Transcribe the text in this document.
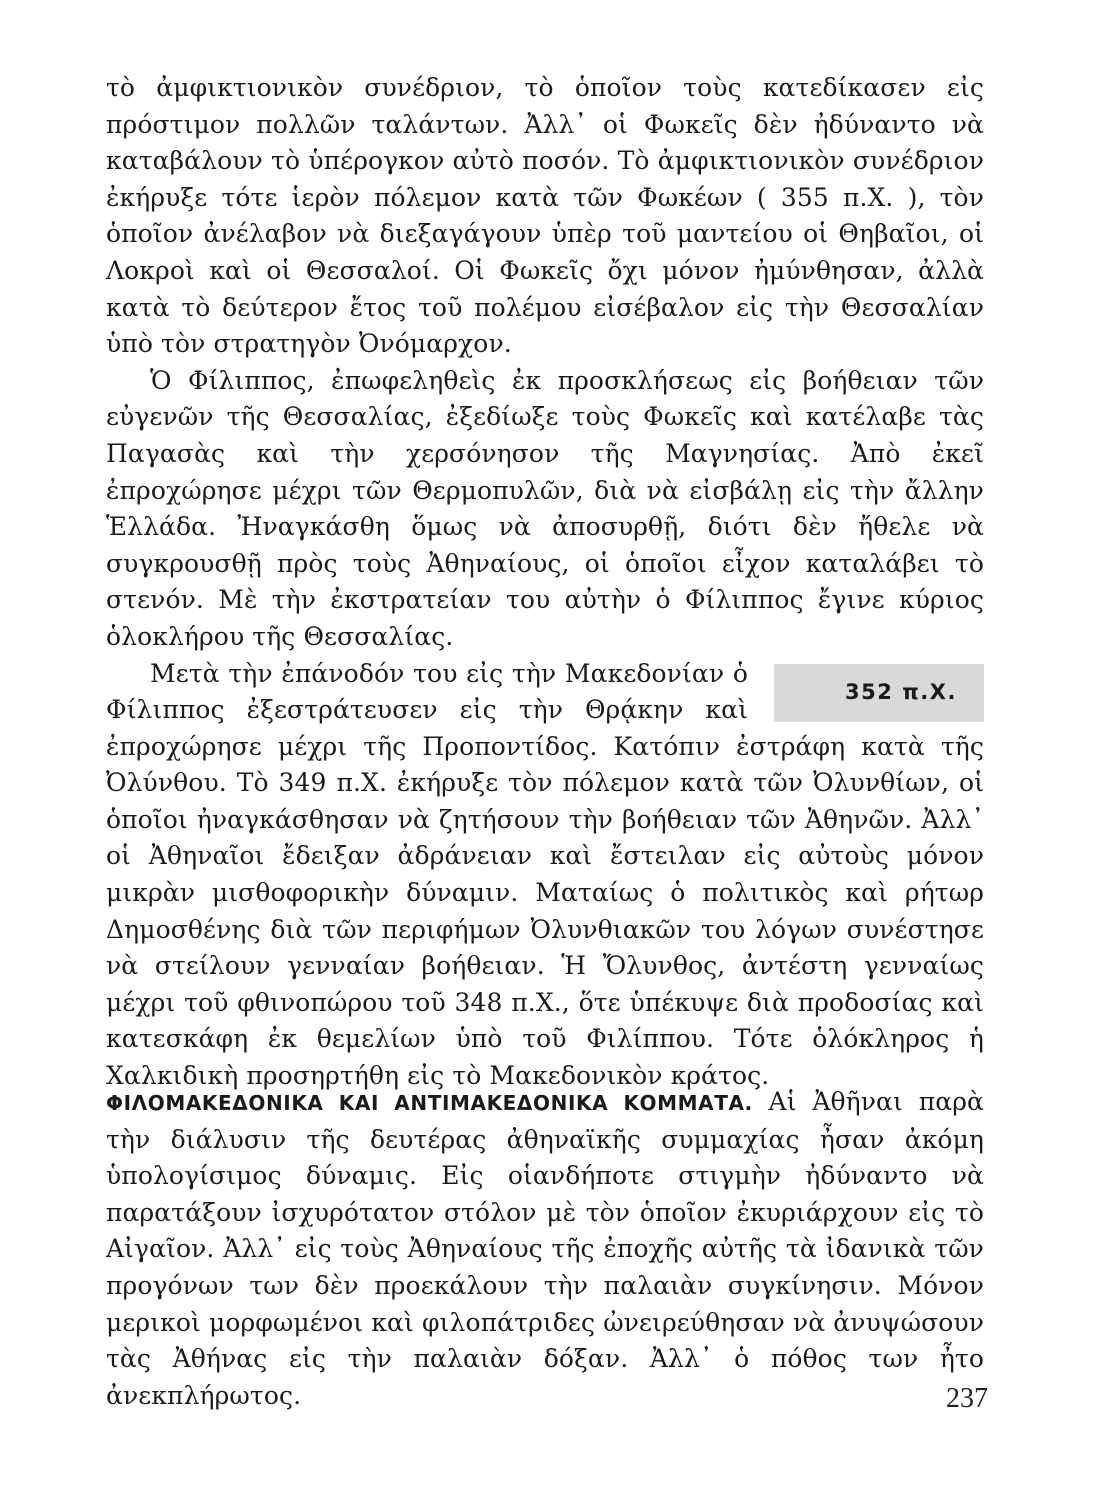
τὸ ἀμφικτιονικὸν συνέδριον, τὸ ὁποῖον τοὺς κατεδίκασεν εἰς πρόστιμον πολλῶν ταλάντων. Ἀλλ᾽ οἱ Φωκεῖς δὲν ἠδύναντο νὰ καταβάλουν τὸ ὑπέρογκον αὐτὸ ποσόν. Τὸ ἀμφικτιονικὸν συνέδριον ἐκήρυξε τότε ἱερὸν πόλεμον κατὰ τῶν Φωκέων ( 355 π.Χ. ), τὸν ὁποῖον ἀνέλαβον νὰ διεξαγάγουν ὑπὲρ τοῦ μαντείου οἱ Θηβαῖοι, οἱ Λοκροὶ καὶ οἱ Θεσσαλοί. Οἱ Φωκεῖς ὄχι μόνον ἠμύνθησαν, ἀλλὰ κατὰ τὸ δεύτερον ἔτος τοῦ πολέμου εἰσέβαλον εἰς τὴν Θεσσαλίαν ὑπὸ τὸν στρατηγὸν Ὀνόμαρχον.

Ὁ Φίλιππος, ἐπωφεληθεὶς ἐκ προσκλήσεως εἰς βοήθειαν τῶν εὐγενῶν τῆς Θεσσαλίας, ἐξεδίωξε τοὺς Φωκεῖς καὶ κατέλαβε τὰς Παγασὰς καὶ τὴν χερσόνησον τῆς Μαγνησίας. Ἀπὸ ἐκεῖ ἐπροχώρησε μέχρι τῶν Θερμοπυλῶν, διὰ νὰ εἰσβάλῃ εἰς τὴν ἄλλην Ἑλλάδα. Ἠναγκάσθη ὅμως νὰ ἀποσυρθῇ, διότι δὲν ἤθελε νὰ συγκρουσθῇ πρὸς τοὺς Ἀθηναίους, οἱ ὁποῖοι εἶχον καταλάβει τὸ στενόν. Μὲ τὴν ἐκστρατείαν του αὐτὴν ὁ Φίλιππος ἔγινε κύριος ὁλοκλήρου τῆς Θεσσαλίας.

352 π.Χ.
Μετὰ τὴν ἐπάνοδόν του εἰς τὴν Μακεδονίαν ὁ Φίλιππος ἐξεστράτευσεν εἰς τὴν Θρᾴκην καὶ ἐπροχώρησε μέχρι τῆς Προποντίδος. Κατόπιν ἐστράφη κατὰ τῆς Ὀλύνθου. Τὸ 349 π.Χ. ἐκήρυξε τὸν πόλεμον κατὰ τῶν Ὀλυνθίων, οἱ ὁποῖοι ἠναγκάσθησαν νὰ ζητήσουν τὴν βοήθειαν τῶν Ἀθηνῶν. Ἀλλ᾽ οἱ Ἀθηναῖοι ἔδειξαν ἀδράνειαν καὶ ἔστειλαν εἰς αὐτοὺς μόνον μικρὰν μισθοφορικὴν δύναμιν. Ματαίως ὁ πολιτικὸς καὶ ρήτωρ Δημοσθένης διὰ τῶν περιφήμων Ὀλυνθιακῶν του λόγων συνέστησε νὰ στείλουν γενναίαν βοήθειαν. Ἡ Ὄλυνθος, ἀντέστη γενναίως μέχρι τοῦ φθινοπώρου τοῦ 348 π.Χ., ὅτε ὑπέκυψε διὰ προδοσίας καὶ κατεσκάφη ἐκ θεμελίων ὑπὸ τοῦ Φιλίππου. Τότε ὁλόκληρος ἡ Χαλκιδικὴ προσηρτήθη εἰς τὸ Μακεδονικὸν κράτος.

ΦΙΛΟΜΑΚΕΔΟΝΙΚΑ ΚΑΙ ΑΝΤΙΜΑΚΕΔΟΝΙΚΑ ΚΟΜΜΑΤΑ. Αἱ Ἀθῆναι παρὰ τὴν διάλυσιν τῆς δευτέρας ἀθηναϊκῆς συμμαχίας ἦσαν ἀκόμη ὑπολογίσιμος δύναμις. Εἰς οἱανδήποτε στιγμὴν ἠδύναντο νὰ παρατάξουν ἰσχυρότατον στόλον μὲ τὸν ὁποῖον ἐκυριάρχουν εἰς τὸ Αἰγαῖον. Ἀλλ᾽ εἰς τοὺς Ἀθηναίους τῆς ἐποχῆς αὐτῆς τὰ ἰδανικὰ τῶν προγόνων των δὲν προεκάλουν τὴν παλαιὰν συγκίνησιν. Μόνον μερικοὶ μορφωμένοι καὶ φιλοπάτριδες ὠνειρεύθησαν νὰ ἀνυψώσουν τὰς Ἀθήνας εἰς τὴν παλαιὰν δόξαν. Ἀλλ᾽ ὁ πόθος των ἦτο ἀνεκπλήρωτος.	237
